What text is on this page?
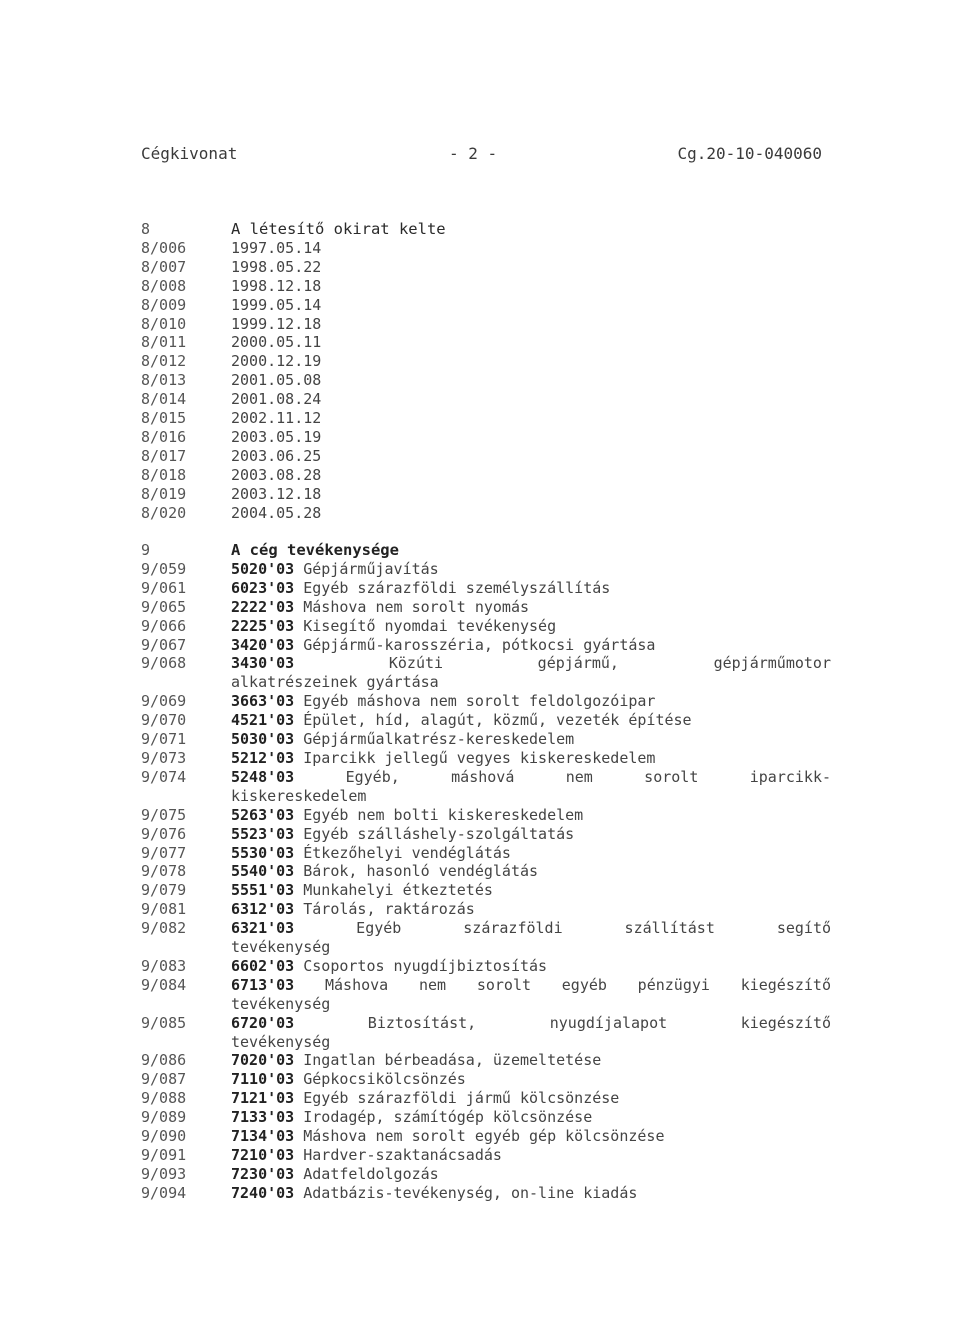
Cégkivonat	- 2 -	Cg.20-10-040060
8	A létesítő okirat kelte
8/006	1997.05.14
8/007	1998.05.22
8/008	1998.12.18
8/009	1999.05.14
8/010	1999.12.18
8/011	2000.05.11
8/012	2000.12.19
8/013	2001.05.08
8/014	2001.08.24
8/015	2002.11.12
8/016	2003.05.19
8/017	2003.06.25
8/018	2003.08.28
8/019	2003.12.18
8/020	2004.05.28
9	A cég tevékenysége
9/059	5020'03 Gépjárműjavítás
9/061	6023'03 Egyéb szárazföldi személyszállítás
9/065	2222'03 Máshova nem sorolt nyomás
9/066	2225'03 Kisegítő nyomdai tevékenység
9/067	3420'03 Gépjármű-karosszéria, pótkocsi gyártása
9/068	3430'03	Közúti gépjármű, gépjárműmotor
alkatrészeinek gyártása
9/069	3663'03 Egyéb máshova nem sorolt feldolgozóipar
9/070	4521'03 Épület, híd, alagút, közmű, vezeték építése
9/071	5030'03 Gépjárműalkatrész-kereskedelem
9/073	5212'03 Iparcikk jellegű vegyes kiskereskedelem
9/074	5248'03	Egyéb, máshová nem sorolt iparcikk-
kiskereskedelem
9/075	5263'03 Egyéb nem bolti kiskereskedelem
9/076	5523'03 Egyéb szálláshely-szolgáltatás
9/077	5530'03 Étkezőhelyi vendéglátás
9/078	5540'03 Bárok, hasonló vendéglátás
9/079	5551'03 Munkahelyi étkeztetés
9/081	6312'03 Tárolás, raktározás
9/082	6321'03	Egyéb szárazföldi szállítást segítő
tevékenység
9/083	6602'03 Csoportos nyugdíjbiztosítás
9/084	6713'03 Máshova nem sorolt egyéb pénzügyi kiegészítő
tevékenység
9/085	6720'03	Biztosítást, nyugdíjalapot kiegészítő
tevékenység
9/086	7020'03 Ingatlan bérbeadása, üzemeltetése
9/087	7110'03 Gépkocsikölcsönzés
9/088	7121'03 Egyéb szárazföldi jármű kölcsönzése
9/089	7133'03 Irodagép, számítógép kölcsönzése
9/090	7134'03 Máshova nem sorolt egyéb gép kölcsönzése
9/091	7210'03 Hardver-szaktanácsadás
9/093	7230'03 Adatfeldolgozás
9/094	7240'03 Adatbázis-tevékenység, on-line kiadás
